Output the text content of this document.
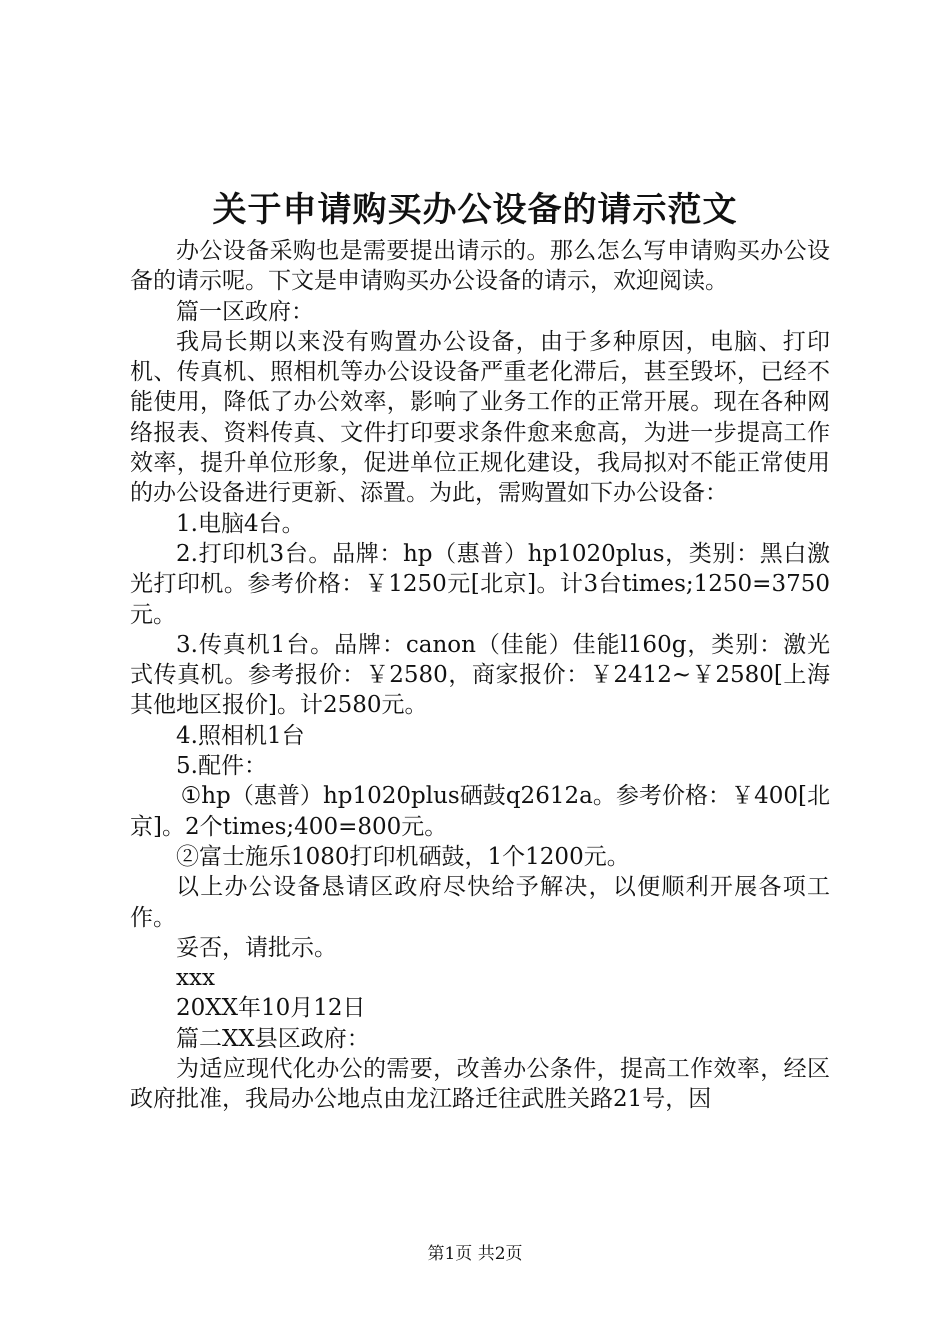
关于申请购买办公设备的请示范文

办公设备采购也是需要提出请示的。那么怎么写申请购买办公设备的请示呢。下文是申请购买办公设备的请示，欢迎阅读。

篇一区政府：

我局长期以来没有购置办公设备，由于多种原因，电脑、打印机、传真机、照相机等办公设设备严重老化滞后，甚至毁坏，已经不能使用，降低了办公效率，影响了业务工作的正常开展。现在各种网络报表、资料传真、文件打印要求条件愈来愈高，为进一步提高工作效率，提升单位形象，促进单位正规化建设，我局拟对不能正常使用的办公设备进行更新、添置。为此，需购置如下办公设备：

1.电脑4台。

2.打印机3台。品牌：hp（惠普）hp1020plus，类别：黑白激光打印机。参考价格：￥1250元[北京]。计3台times;1250=3750元。

3.传真机1台。品牌：canon（佳能）佳能l160g，类别：激光式传真机。参考报价：￥2580，商家报价：￥2412~￥2580[上海其他地区报价]。计2580元。

4.照相机1台

5.配件：

①hp（惠普）hp1020plus硒鼓q2612a。参考价格：￥400[北京]。2个times;400=800元。

②富士施乐1080打印机硒鼓，1个1200元。

以上办公设备恳请区政府尽快给予解决，以便顺利开展各项工作。

妥否，请批示。

xxx

20XX年10月12日

篇二XX县区政府：

为适应现代化办公的需要，改善办公条件，提高工作效率，经区政府批准，我局办公地点由龙江路迁往武胜关路21号，因

第1页 共2页
